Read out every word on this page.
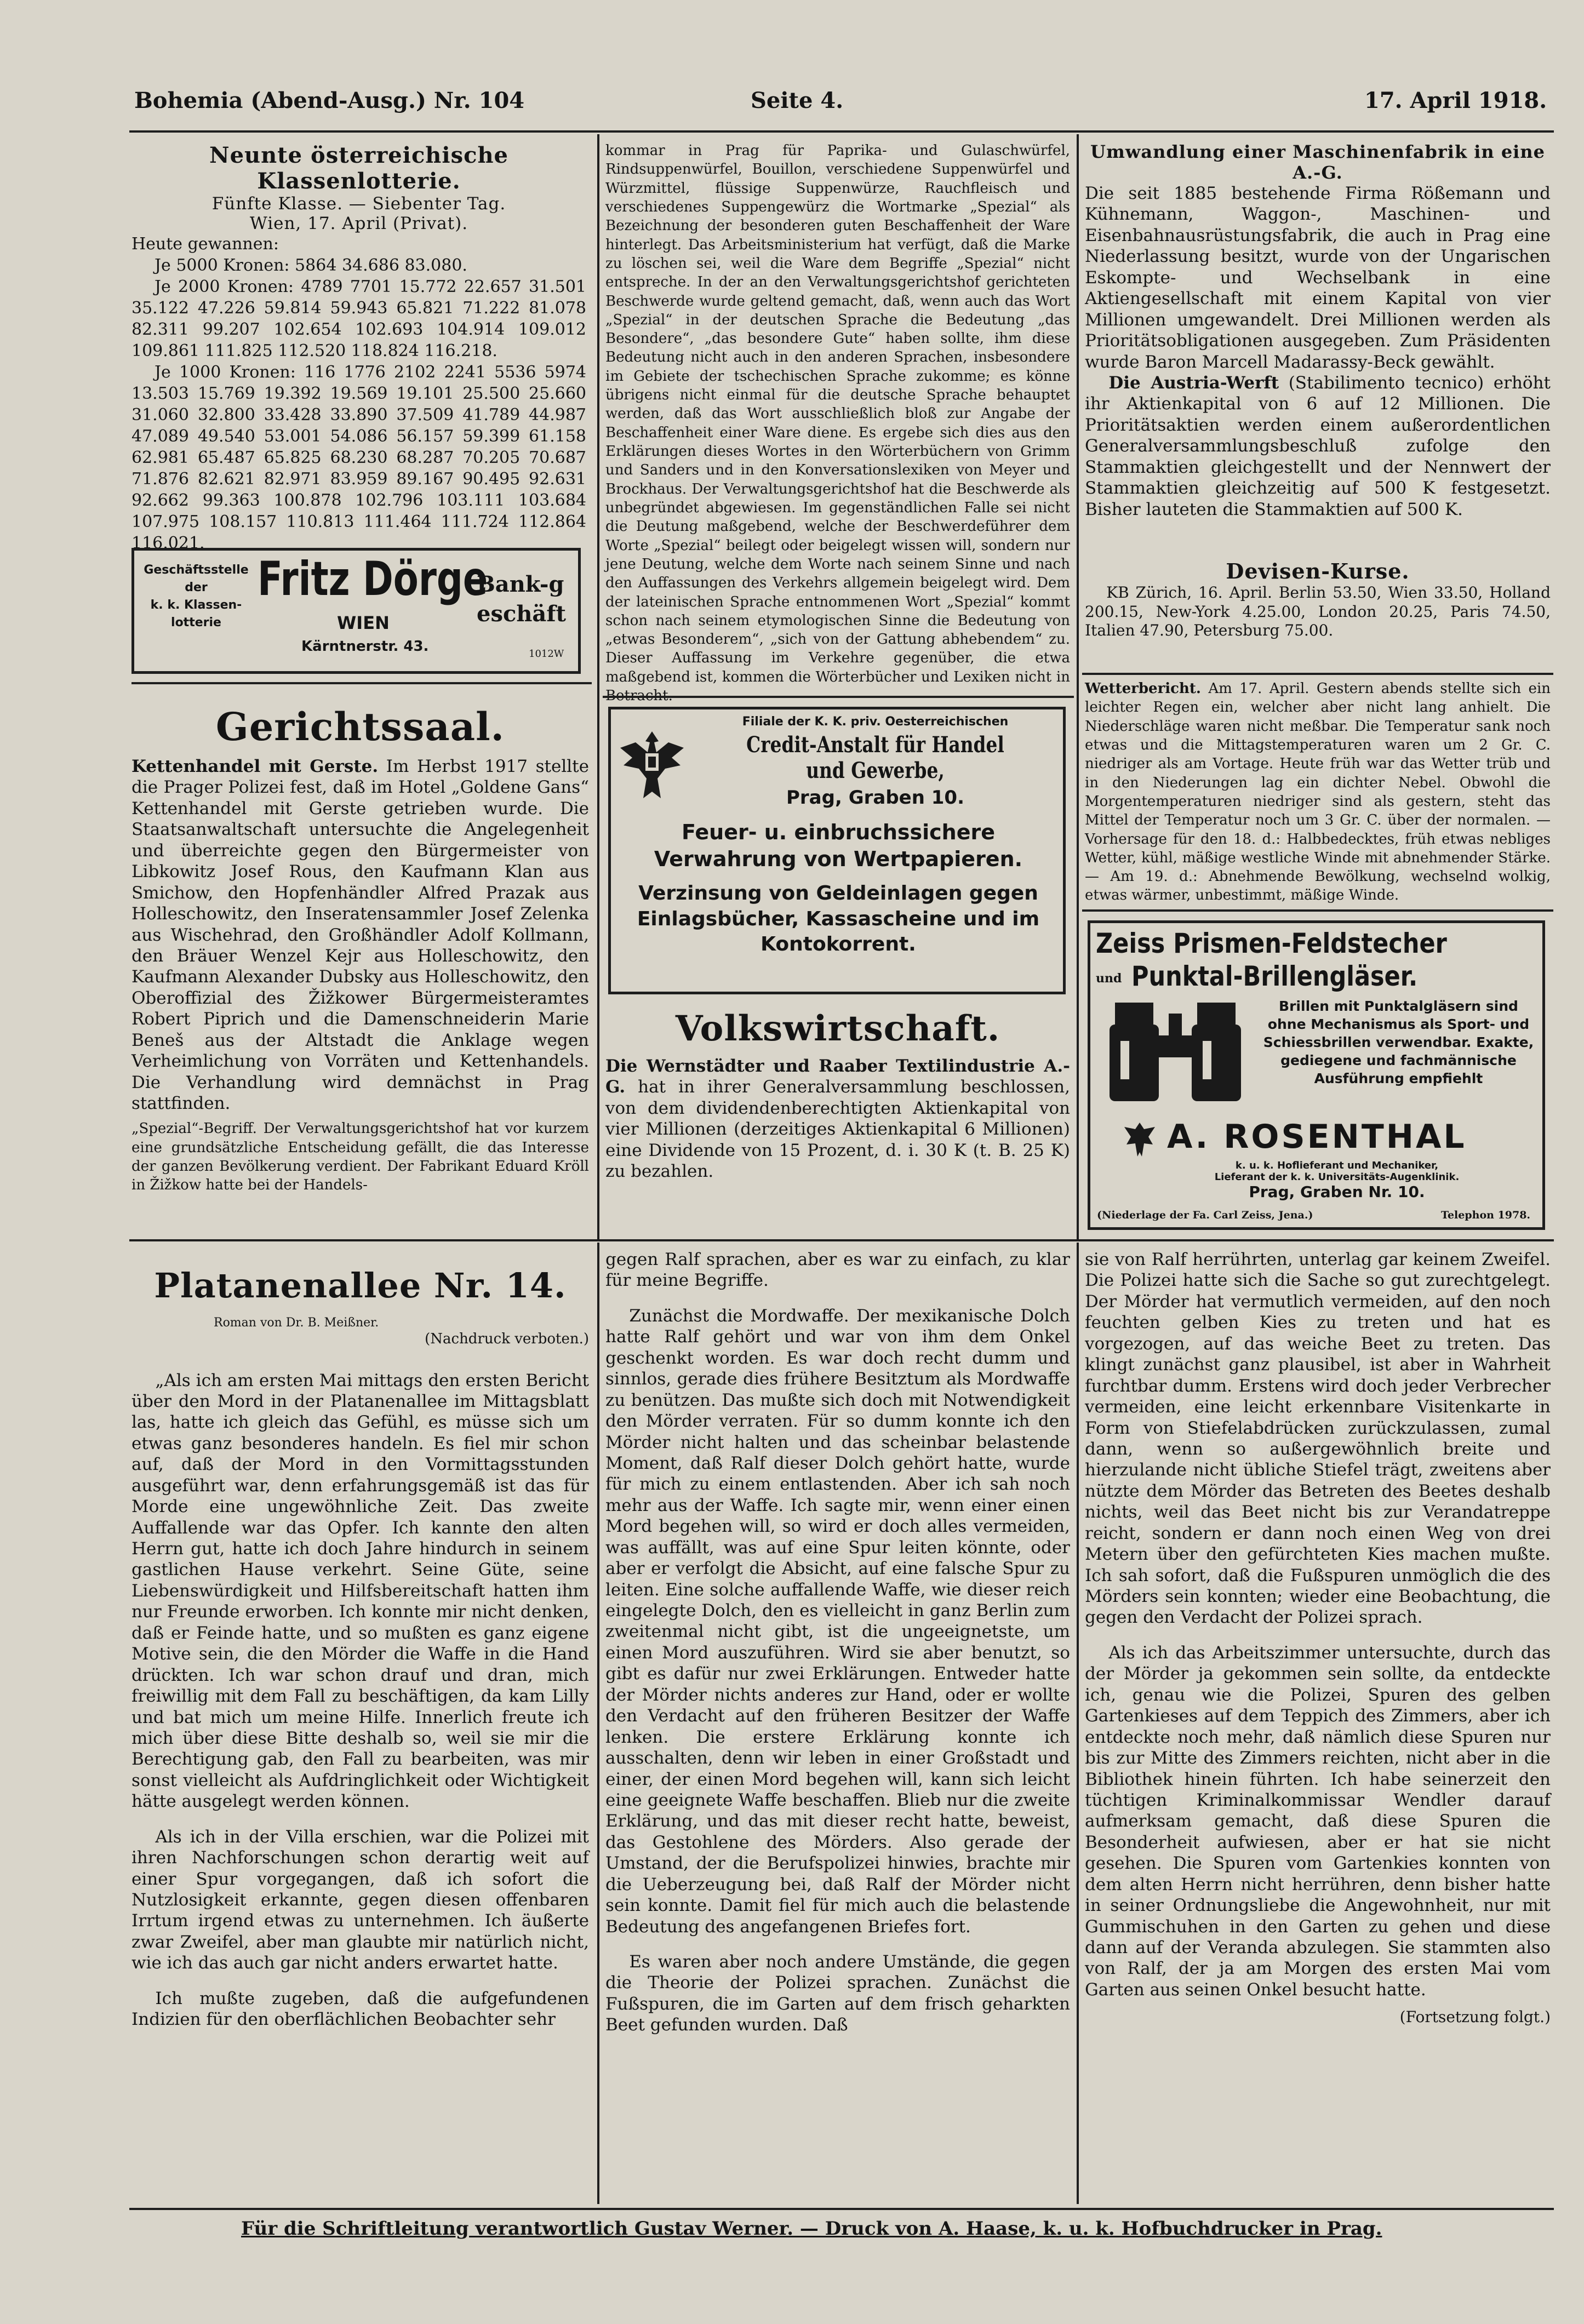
Bohemia (Abend-Ausg.) Nr. 104	Seite 4.	17. April 1918.

Neunte österreichische Klassenlotterie.

Fünfte Klasse. — Siebenter Tag.

Wien, 17. April (Privat).

Heute gewannen:

Je 5000 Kronen: 5864 34.686 83.080.

Je 2000 Kronen: 4789 7701 15.772 22.657 31.501 35.122 47.226 59.814 59.943 65.821 71.222 81.078 82.311 99.207 102.654 102.693 104.914 109.012 109.861 111.825 112.520 118.824 116.218.

Je 1000 Kronen: 116 1776 2102 2241 5536 5974 13.503 15.769 19.392 19.569 19.101 25.500 25.660 31.060 32.800 33.428 33.890 37.509 41.789 44.987 47.089 49.540 53.001 54.086 56.157 59.399 61.158 62.981 65.487 65.825 68.230 68.287 70.205 70.687 71.876 82.621 82.971 83.959 89.167 90.495 92.631 92.662 99.363 100.878 102.796 103.111 103.684 107.975 108.157 110.813 111.464 111.724 112.864 116.021.

Geschäftsstelle
der
k. k. Klassen-
lotterie
Fritz Dörge
WIEN
Kärntnerstr. 43.
Bank-geschäft
1012W

Gerichtssaal.

Kettenhandel mit Gerste. Im Herbst 1917 stellte die Prager Polizei fest, daß im Hotel „Goldene Gans“ Kettenhandel mit Gerste getrieben wurde. Die Staatsanwaltschaft untersuchte die Angelegenheit und überreichte gegen den Bürgermeister von Libkowitz Josef Rous, den Kaufmann Klan aus Smichow, den Hopfenhändler Alfred Prazak aus Holleschowitz, den Inseratensammler Josef Zelenka aus Wischehrad, den Großhändler Adolf Kollmann, den Bräuer Wenzel Kejr aus Holleschowitz, den Kaufmann Alexander Dubsky aus Holleschowitz, den Oberoffizial des Žižkower Bürgermeisteramtes Robert Piprich und die Damenschneiderin Marie Beneš aus der Altstadt die Anklage wegen Verheimlichung von Vorräten und Kettenhandels. Die Verhandlung wird demnächst in Prag stattfinden.

„Spezial“-Begriff. Der Verwaltungsgerichtshof hat vor kurzem eine grundsätzliche Entscheidung gefällt, die das Interesse der ganzen Bevölkerung verdient. Der Fabrikant Eduard Kröll in Žižkow hatte bei der Handels-

kommar in Prag für Paprika- und Gulaschwürfel, Rindsuppenwürfel, Bouillon, verschiedene Suppenwürfel und Würzmittel, flüssige Suppenwürze, Rauchfleisch und verschiedenes Suppengewürz die Wortmarke „Spezial“ als Bezeichnung der besonderen guten Beschaffenheit der Ware hinterlegt. Das Arbeitsministerium hat verfügt, daß die Marke zu löschen sei, weil die Ware dem Begriffe „Spezial“ nicht entspreche. In der an den Verwaltungsgerichtshof gerichteten Beschwerde wurde geltend gemacht, daß, wenn auch das Wort „Spezial“ in der deutschen Sprache die Bedeutung „das Besondere“, „das besondere Gute“ haben sollte, ihm diese Bedeutung nicht auch in den anderen Sprachen, insbesondere im Gebiete der tschechischen Sprache zukomme; es könne übrigens nicht einmal für die deutsche Sprache behauptet werden, daß das Wort ausschließlich bloß zur Angabe der Beschaffenheit einer Ware diene. Es ergebe sich dies aus den Erklärungen dieses Wortes in den Wörterbüchern von Grimm und Sanders und in den Konversationslexiken von Meyer und Brockhaus. Der Verwaltungsgerichtshof hat die Beschwerde als unbegründet abgewiesen. Im gegenständlichen Falle sei nicht die Deutung maßgebend, welche der Beschwerdeführer dem Worte „Spezial“ beilegt oder beigelegt wissen will, sondern nur jene Deutung, welche dem Worte nach seinem Sinne und nach den Auffassungen des Verkehrs allgemein beigelegt wird. Dem der lateinischen Sprache entnommenen Wort „Spezial“ kommt schon nach seinem etymologischen Sinne die Bedeutung von „etwas Besonderem“, „sich von der Gattung abhebendem“ zu. Dieser Auffassung im Verkehre gegenüber, die etwa maßgebend ist, kommen die Wörterbücher und Lexiken nicht in

Filiale der K. K. priv. Oesterreichischen

Credit-Anstalt für Handel und Gewerbe,

Prag, Graben 10.

Feuer- u. einbruchssichere Verwahrung von Wertpapieren.

Verzinsung von Geldeinlagen gegen Einlagsbücher, Kassascheine und im Kontokorrent.

Volkswirtschaft.

Die Wernstädter und Raaber Textilindustrie A.-G. hat in ihrer Generalversammlung beschlossen, von dem dividendenberechtigten Aktienkapital von vier Millionen (derzeitiges Aktienkapital 6 Millionen) eine Dividende von 15 Prozent, d. i. 30 K (t. B. 25 K) zu bezahlen.

Umwandlung einer Maschinenfabrik in eine A.-G.

Die seit 1885 bestehende Firma Rößemann und Kühnemann, Waggon-, Maschinen- und Eisenbahnausrüstungsfabrik, die auch in Prag eine Niederlassung besitzt, wurde von der Ungarischen Eskompte- und Wechselbank in eine Aktiengesellschaft mit einem Kapital von vier Millionen umgewandelt. Drei Millionen werden als Prioritätsobligationen ausgegeben. Zum Präsidenten wurde Baron Marcell Madarassy-Beck gewählt.

Die Austria-Werft (Stabilimento tecnico) erhöht ihr Aktienkapital von 6 auf 12 Millionen. Die Prioritätsaktien werden einem außerordentlichen Generalversammlungsbeschluß zufolge den Stammaktien gleichgestellt und der Nennwert der Stammaktien gleichzeitig auf 500 K festgesetzt. Bisher lauteten die Stammaktien auf 500 K.

Devisen-Kurse.

KB Zürich, 16. April. Berlin 53.50, Wien 33.50, Holland 200.15, New-York 4.25.00, London 20.25, Paris 74.50, Italien 47.90, Petersburg 75.00.

Wetterbericht. Am 17. April. Gestern abends stellte sich ein leichter Regen ein, welcher aber nicht lang anhielt. Die Niederschläge waren nicht meßbar. Die Temperatur sank noch etwas und die Mittagstemperaturen waren um 2 Gr. C. niedriger als am Vortage. Heute früh war das Wetter trüb und in den Niederungen lag ein dichter Nebel. Obwohl die Morgentemperaturen niedriger sind als gestern, steht das Mittel der Temperatur noch um 3 Gr. C. über der normalen. — Vorhersage für den 18. d.: Halbbedecktes, früh etwas nebliges Wetter, kühl, mäßige westliche Winde mit abnehmender Stärke. — Am 19. d.: Abnehmende Bewölkung, wechselnd wolkig, etwas wärmer, unbestimmt, mäßige Winde.

Zeiss Prismen-Feldstecher
und Punktal-Brillengläser.
Brillen mit Punktalgläsern sind ohne Mechanismus als Sport- und Schiessbrillen verwendbar. Exakte, gediegene und fachmännische Ausführung empfiehlt
A. ROSENTHAL

k. u. k. Hoflieferant und Mechaniker,

Lieferant der k. k. Universitäts-Augenklinik.

Prag, Graben Nr. 10.

(Niederlage der Fa. Carl Zeiss, Jena.)	Telephon 1978.

Platanenallee Nr. 14.

Roman von Dr. B. Meißner.

(Nachdruck verboten.)

„Als ich am ersten Mai mittags den ersten Bericht über den Mord in der Platanenallee im Mittagsblatt las, hatte ich gleich das Gefühl, es müsse sich um etwas ganz besonderes handeln. Es fiel mir schon auf, daß der Mord in den Vormittagsstunden ausgeführt war, denn erfahrungsgemäß ist das für Morde eine ungewöhnliche Zeit. Das zweite Auffallende war das Opfer. Ich kannte den alten Herrn gut, hatte ich doch Jahre hindurch in seinem gastlichen Hause verkehrt. Seine Güte, seine Liebenswürdigkeit und Hilfsbereitschaft hatten ihm nur Freunde erworben. Ich konnte mir nicht denken, daß er Feinde hatte, und so mußten es ganz eigene Motive sein, die den Mörder die Waffe in die Hand drückten. Ich war schon drauf und dran, mich freiwillig mit dem Fall zu beschäftigen, da kam Lilly und bat mich um meine Hilfe. Innerlich freute ich mich über diese Bitte deshalb so, weil sie mir die Berechtigung gab, den Fall zu bearbeiten, was mir sonst vielleicht als Aufdringlichkeit oder Wichtigkeit hätte ausgelegt werden können.

Als ich in der Villa erschien, war die Polizei mit ihren Nachforschungen schon derartig weit auf einer Spur vorgegangen, daß ich sofort die Nutzlosigkeit erkannte, gegen diesen offenbaren Irrtum irgend etwas zu unternehmen. Ich äußerte zwar Zweifel, aber man glaubte mir natürlich nicht, wie ich das auch gar nicht anders erwartet hatte.

Ich mußte zugeben, daß die aufgefundenen Indizien für den oberflächlichen Beobachter sehr

gegen Ralf sprachen, aber es war zu einfach, zu klar für meine Begriffe.

Zunächst die Mordwaffe. Der mexikanische Dolch hatte Ralf gehört und war von ihm dem Onkel geschenkt worden. Es war doch recht dumm und sinnlos, gerade dies frühere Besitztum als Mordwaffe zu benützen. Das mußte sich doch mit Notwendigkeit den Mörder verraten. Für so dumm konnte ich den Mörder nicht halten und das scheinbar belastende Moment, daß Ralf dieser Dolch gehört hatte, wurde für mich zu einem entlastenden. Aber ich sah noch mehr aus der Waffe. Ich sagte mir, wenn einer einen Mord begehen will, so wird er doch alles vermeiden, was auffällt, was auf eine Spur leiten könnte, oder aber er verfolgt die Absicht, auf eine falsche Spur zu leiten. Eine solche auffallende Waffe, wie dieser reich eingelegte Dolch, den es vielleicht in ganz Berlin zum zweitenmal nicht gibt, ist die ungeeignetste, um einen Mord auszuführen. Wird sie aber benutzt, so gibt es dafür nur zwei Erklärungen. Entweder hatte der Mörder nichts anderes zur Hand, oder er wollte den Verdacht auf den früheren Besitzer der Waffe lenken. Die erstere Erklärung konnte ich ausschalten, denn wir leben in einer Großstadt und einer, der einen Mord begehen will, kann sich leicht eine geeignete Waffe beschaffen. Blieb nur die zweite Erklärung, und das mit dieser recht hatte, beweist, das Gestohlene des Mörders. Also gerade der Umstand, der die Berufspolizei hinwies, brachte mir die Ueberzeugung bei, daß Ralf der Mörder nicht sein konnte. Damit fiel für mich auch die belastende Bedeutung des angefangenen Briefes fort.

Es waren aber noch andere Umstände, die gegen die Theorie der Polizei sprachen. Zunächst die Fußspuren, die im Garten auf dem frisch geharkten Beet gefunden wurden. Daß

sie von Ralf herrührten, unterlag gar keinem Zweifel. Die Polizei hatte sich die Sache so gut zurechtgelegt. Der Mörder hat vermutlich vermeiden, auf den noch feuchten gelben Kies zu treten und hat es vorgezogen, auf das weiche Beet zu treten. Das klingt zunächst ganz plausibel, ist aber in Wahrheit furchtbar dumm. Erstens wird doch jeder Verbrecher vermeiden, eine leicht erkennbare Visitenkarte in Form von Stiefelabdrücken zurückzulassen, zumal dann, wenn so außergewöhnlich breite und hierzulande nicht übliche Stiefel trägt, zweitens aber nützte dem Mörder das Betreten des Beetes deshalb nichts, weil das Beet nicht bis zur Verandatreppe reicht, sondern er dann noch einen Weg von drei Metern über den gefürchteten Kies machen mußte. Ich sah sofort, daß die Fußspuren unmöglich die des Mörders sein konnten; wieder eine Beobachtung, die gegen den Verdacht der Polizei sprach.

Als ich das Arbeitszimmer untersuchte, durch das der Mörder ja gekommen sein sollte, da entdeckte ich, genau wie die Polizei, Spuren des gelben Gartenkieses auf dem Teppich des Zimmers, aber ich entdeckte noch mehr, daß nämlich diese Spuren nur bis zur Mitte des Zimmers reichten, nicht aber in die Bibliothek hinein führten. Ich habe seinerzeit den tüchtigen Kriminalkommissar Wendler darauf aufmerksam gemacht, daß diese Spuren die Besonderheit aufwiesen, aber er hat sie nicht gesehen. Die Spuren vom Gartenkies konnten von dem alten Herrn nicht herrühren, denn bisher hatte in seiner Ordnungsliebe die Angewohnheit, nur mit Gummischuhen in den Garten zu gehen und diese dann auf der Veranda abzulegen. Sie stammten also von Ralf, der ja am Morgen des ersten Mai vom Garten aus seinen Onkel besucht hatte.

(Fortsetzung folgt.)

Für die Schriftleitung verantwortlich Gustav Werner. — Druck von A. Haase, k. u. k. Hofbuchdrucker in Prag.
